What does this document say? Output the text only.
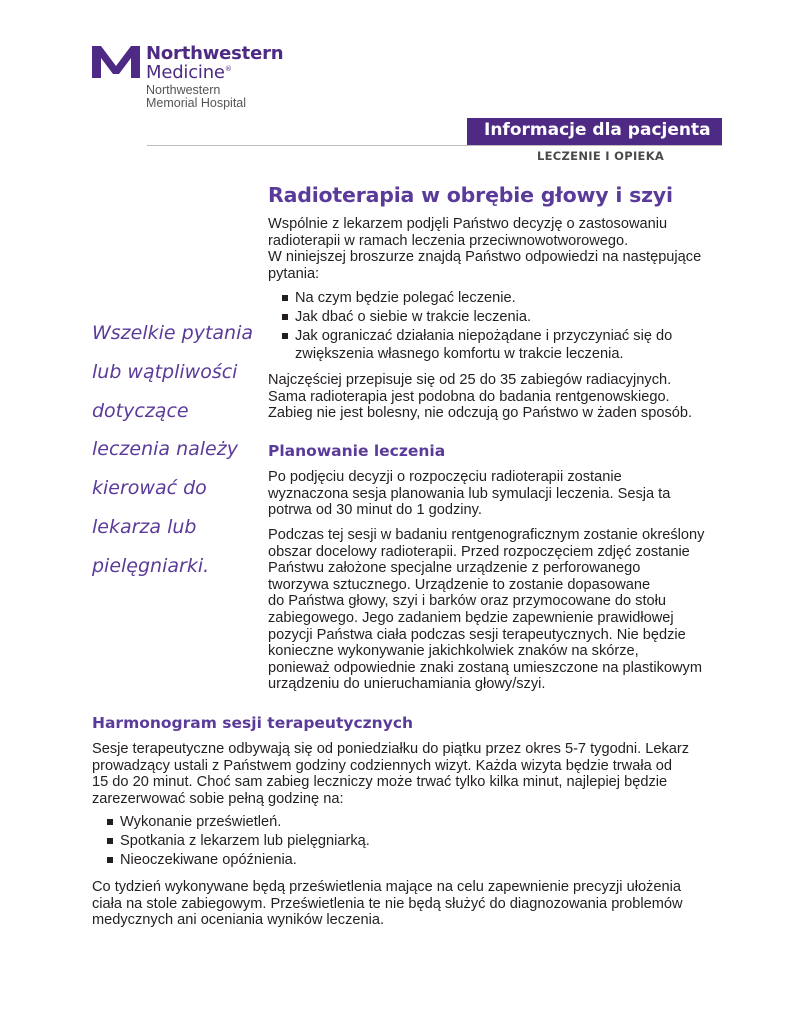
Northwestern
Medicine®
Northwestern
Memorial Hospital
Informacje dla pacjenta
LECZENIE I OPIEKA
Wszelkie pytania
lub wątpliwości
dotyczące
leczenia należy
kierować do
lekarza lub
pielęgniarki.
Radioterapia w obrębie głowy i szyi
Wspólnie z lekarzem podjęli Państwo decyzję o zastosowaniu
radioterapii w ramach leczenia przeciwnowotworowego.
W niniejszej broszurze znajdą Państwo odpowiedzi na następujące
pytania:
Na czym będzie polegać leczenie.
Jak dbać o siebie w trakcie leczenia.
Jak ograniczać działania niepożądane i przyczyniać się do
zwiększenia własnego komfortu w trakcie leczenia.
Najczęściej przepisuje się od 25 do 35 zabiegów radiacyjnych.
Sama radioterapia jest podobna do badania rentgenowskiego.
Zabieg nie jest bolesny, nie odczują go Państwo w żaden sposób.
Planowanie leczenia
Po podjęciu decyzji o rozpoczęciu radioterapii zostanie
wyznaczona sesja planowania lub symulacji leczenia. Sesja ta
potrwa od 30 minut do 1 godziny.
Podczas tej sesji w badaniu rentgenograficznym zostanie określony
obszar docelowy radioterapii. Przed rozpoczęciem zdjęć zostanie
Państwu założone specjalne urządzenie z perforowanego
tworzywa sztucznego. Urządzenie to zostanie dopasowane
do Państwa głowy, szyi i barków oraz przymocowane do stołu
zabiegowego. Jego zadaniem będzie zapewnienie prawidłowej
pozycji Państwa ciała podczas sesji terapeutycznych. Nie będzie
konieczne wykonywanie jakichkolwiek znaków na skórze,
ponieważ odpowiednie znaki zostaną umieszczone na plastikowym
urządzeniu do unieruchamiania głowy/szyi.
Harmonogram sesji terapeutycznych
Sesje terapeutyczne odbywają się od poniedziałku do piątku przez okres 5-7 tygodni. Lekarz
prowadzący ustali z Państwem godziny codziennych wizyt. Każda wizyta będzie trwała od
15 do 20 minut. Choć sam zabieg leczniczy może trwać tylko kilka minut, najlepiej będzie
zarezerwować sobie pełną godzinę na:
Wykonanie prześwietleń.
Spotkania z lekarzem lub pielęgniarką.
Nieoczekiwane opóźnienia.
Co tydzień wykonywane będą prześwietlenia mające na celu zapewnienie precyzji ułożenia
ciała na stole zabiegowym. Prześwietlenia te nie będą służyć do diagnozowania problemów
medycznych ani oceniania wyników leczenia.
